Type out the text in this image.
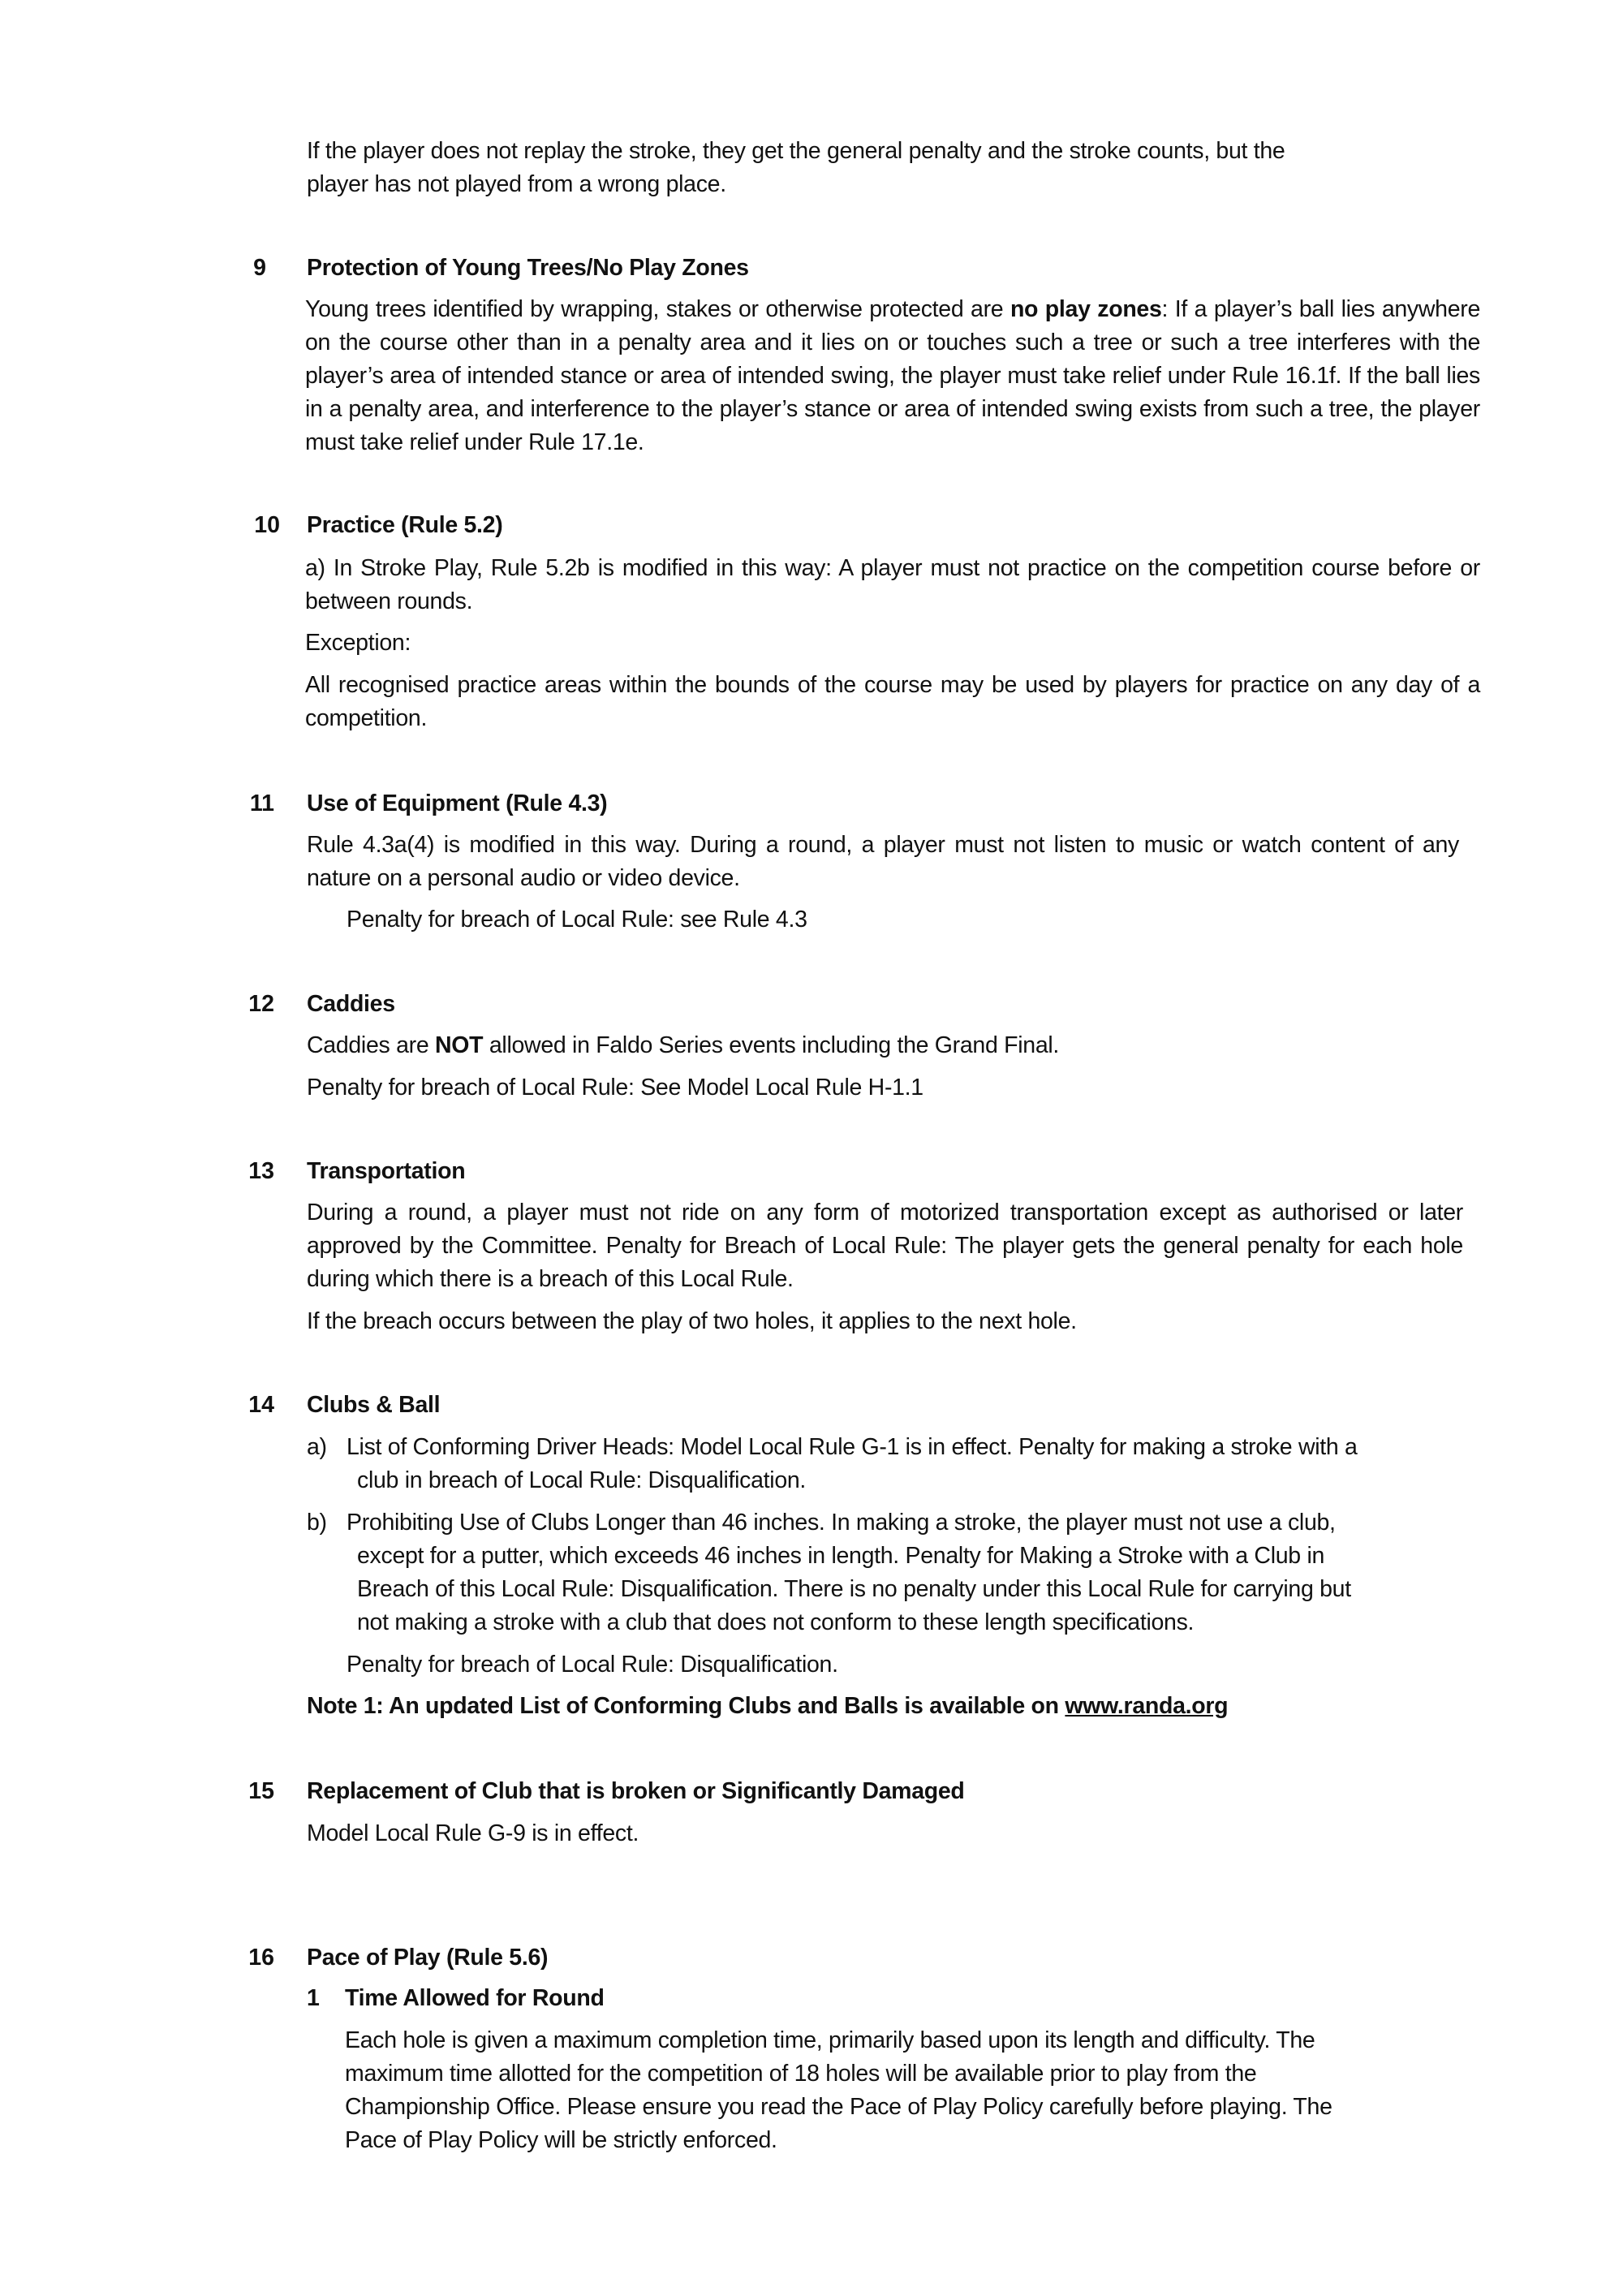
If the player does not replay the stroke, they get the general penalty and the stroke counts, but the
player has not played from a wrong place.
9 Protection of Young Trees/No Play Zones
Young trees identified by wrapping, stakes or otherwise protected are no play zones: If a player’s ball lies anywhere on the course other than in a penalty area and it lies on or touches such a tree or such a tree interferes with the player’s area of intended stance or area of intended swing, the player must take relief under Rule 16.1f. If the ball lies in a penalty area, and interference to the player’s stance or area of intended swing exists from such a tree, the player must take relief under Rule 17.1e.
10 Practice (Rule 5.2)
a) In Stroke Play, Rule 5.2b is modified in this way: A player must not practice on the competition course before or between rounds.
Exception:
All recognised practice areas within the bounds of the course may be used by players for practice on any day of a competition.
11 Use of Equipment (Rule 4.3)
Rule 4.3a(4) is modified in this way. During a round, a player must not listen to music or watch content of any nature on a personal audio or video device.
Penalty for breach of Local Rule: see Rule 4.3
12 Caddies
Caddies are NOT allowed in Faldo Series events including the Grand Final.
Penalty for breach of Local Rule: See Model Local Rule H-1.1
13 Transportation
During a round, a player must not ride on any form of motorized transportation except as authorised or later approved by the Committee. Penalty for Breach of Local Rule: The player gets the general penalty for each hole during which there is a breach of this Local Rule.
If the breach occurs between the play of two holes, it applies to the next hole.
14 Clubs & Ball
a) List of Conforming Driver Heads: Model Local Rule G-1 is in effect. Penalty for making a stroke with a
club in breach of Local Rule: Disqualification.
b) Prohibiting Use of Clubs Longer than 46 inches. In making a stroke, the player must not use a club,
except for a putter, which exceeds 46 inches in length. Penalty for Making a Stroke with a Club in
Breach of this Local Rule: Disqualification. There is no penalty under this Local Rule for carrying but
not making a stroke with a club that does not conform to these length specifications.
Penalty for breach of Local Rule: Disqualification.
Note 1: An updated List of Conforming Clubs and Balls is available on www.randa.org
15 Replacement of Club that is broken or Significantly Damaged
Model Local Rule G-9 is in effect.
16 Pace of Play (Rule 5.6)
1 Time Allowed for Round
Each hole is given a maximum completion time, primarily based upon its length and difficulty. The
maximum time allotted for the competition of 18 holes will be available prior to play from the
Championship Office. Please ensure you read the Pace of Play Policy carefully before playing. The
Pace of Play Policy will be strictly enforced.
